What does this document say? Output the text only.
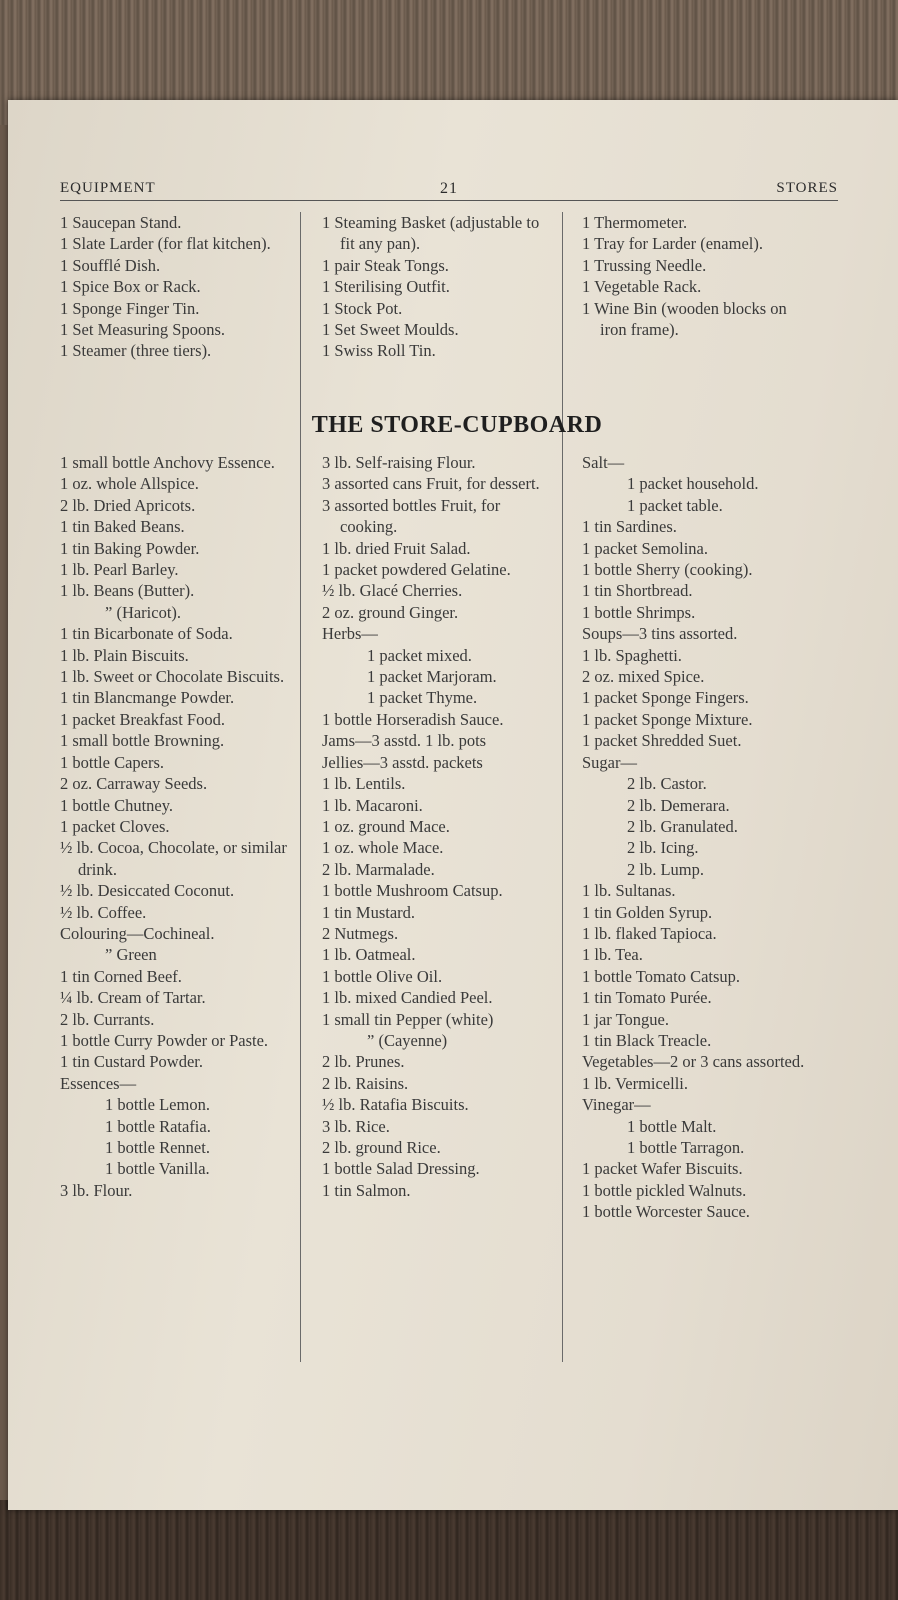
EQUIPMENT	21	STORES

1 Saucepan Stand.

1 Slate Larder (for flat kitchen).

1 Soufflé Dish.

1 Spice Box or Rack.

1 Sponge Finger Tin.

1 Set Measuring Spoons.

1 Steamer (three tiers).

1 Steaming Basket (adjustable to fit any pan).

1 pair Steak Tongs.

1 Sterilising Outfit.

1 Stock Pot.

1 Set Sweet Moulds.

1 Swiss Roll Tin.

1 Thermometer.

1 Tray for Larder (enamel).

1 Trussing Needle.

1 Vegetable Rack.

1 Wine Bin (wooden blocks on iron frame).

THE STORE-CUPBOARD

1 small bottle Anchovy Essence.

1 oz. whole Allspice.

2 lb. Dried Apricots.

1 tin Baked Beans.

1 tin Baking Powder.

1 lb. Pearl Barley.

1 lb. Beans (Butter).

” (Haricot).

1 tin Bicarbonate of Soda.

1 lb. Plain Biscuits.

1 lb. Sweet or Chocolate Biscuits.

1 tin Blancmange Powder.

1 packet Breakfast Food.

1 small bottle Browning.

1 bottle Capers.

2 oz. Carraway Seeds.

1 bottle Chutney.

1 packet Cloves.

½ lb. Cocoa, Chocolate, or similar drink.

½ lb. Desiccated Coconut.

½ lb. Coffee.

Colouring—Cochineal.

” Green

1 tin Corned Beef.

¼ lb. Cream of Tartar.

2 lb. Currants.

1 bottle Curry Powder or Paste.

1 tin Custard Powder.

Essences—

1 bottle Lemon.

1 bottle Ratafia.

1 bottle Rennet.

1 bottle Vanilla.

3 lb. Flour.

3 lb. Self-raising Flour.

3 assorted cans Fruit, for dessert.

3 assorted bottles Fruit, for cooking.

1 lb. dried Fruit Salad.

1 packet powdered Gelatine.

½ lb. Glacé Cherries.

2 oz. ground Ginger.

Herbs—

1 packet mixed.

1 packet Marjoram.

1 packet Thyme.

1 bottle Horseradish Sauce.

Jams—3 asstd. 1 lb. pots

Jellies—3 asstd. packets

1 lb. Lentils.

1 lb. Macaroni.

1 oz. ground Mace.

1 oz. whole Mace.

2 lb. Marmalade.

1 bottle Mushroom Catsup.

1 tin Mustard.

2 Nutmegs.

1 lb. Oatmeal.

1 bottle Olive Oil.

1 lb. mixed Candied Peel.

1 small tin Pepper (white)

” (Cayenne)

2 lb. Prunes.

2 lb. Raisins.

½ lb. Ratafia Biscuits.

3 lb. Rice.

2 lb. ground Rice.

1 bottle Salad Dressing.

1 tin Salmon.

Salt—

1 packet household.

1 packet table.

1 tin Sardines.

1 packet Semolina.

1 bottle Sherry (cooking).

1 tin Shortbread.

1 bottle Shrimps.

Soups—3 tins assorted.

1 lb. Spaghetti.

2 oz. mixed Spice.

1 packet Sponge Fingers.

1 packet Sponge Mixture.

1 packet Shredded Suet.

Sugar—

2 lb. Castor.

2 lb. Demerara.

2 lb. Granulated.

2 lb. Icing.

2 lb. Lump.

1 lb. Sultanas.

1 tin Golden Syrup.

1 lb. flaked Tapioca.

1 lb. Tea.

1 bottle Tomato Catsup.

1 tin Tomato Purée.

1 jar Tongue.

1 tin Black Treacle.

Vegetables—2 or 3 cans assorted.

1 lb. Vermicelli.

Vinegar—

1 bottle Malt.

1 bottle Tarragon.

1 packet Wafer Biscuits.

1 bottle pickled Walnuts.

1 bottle Worcester Sauce.
